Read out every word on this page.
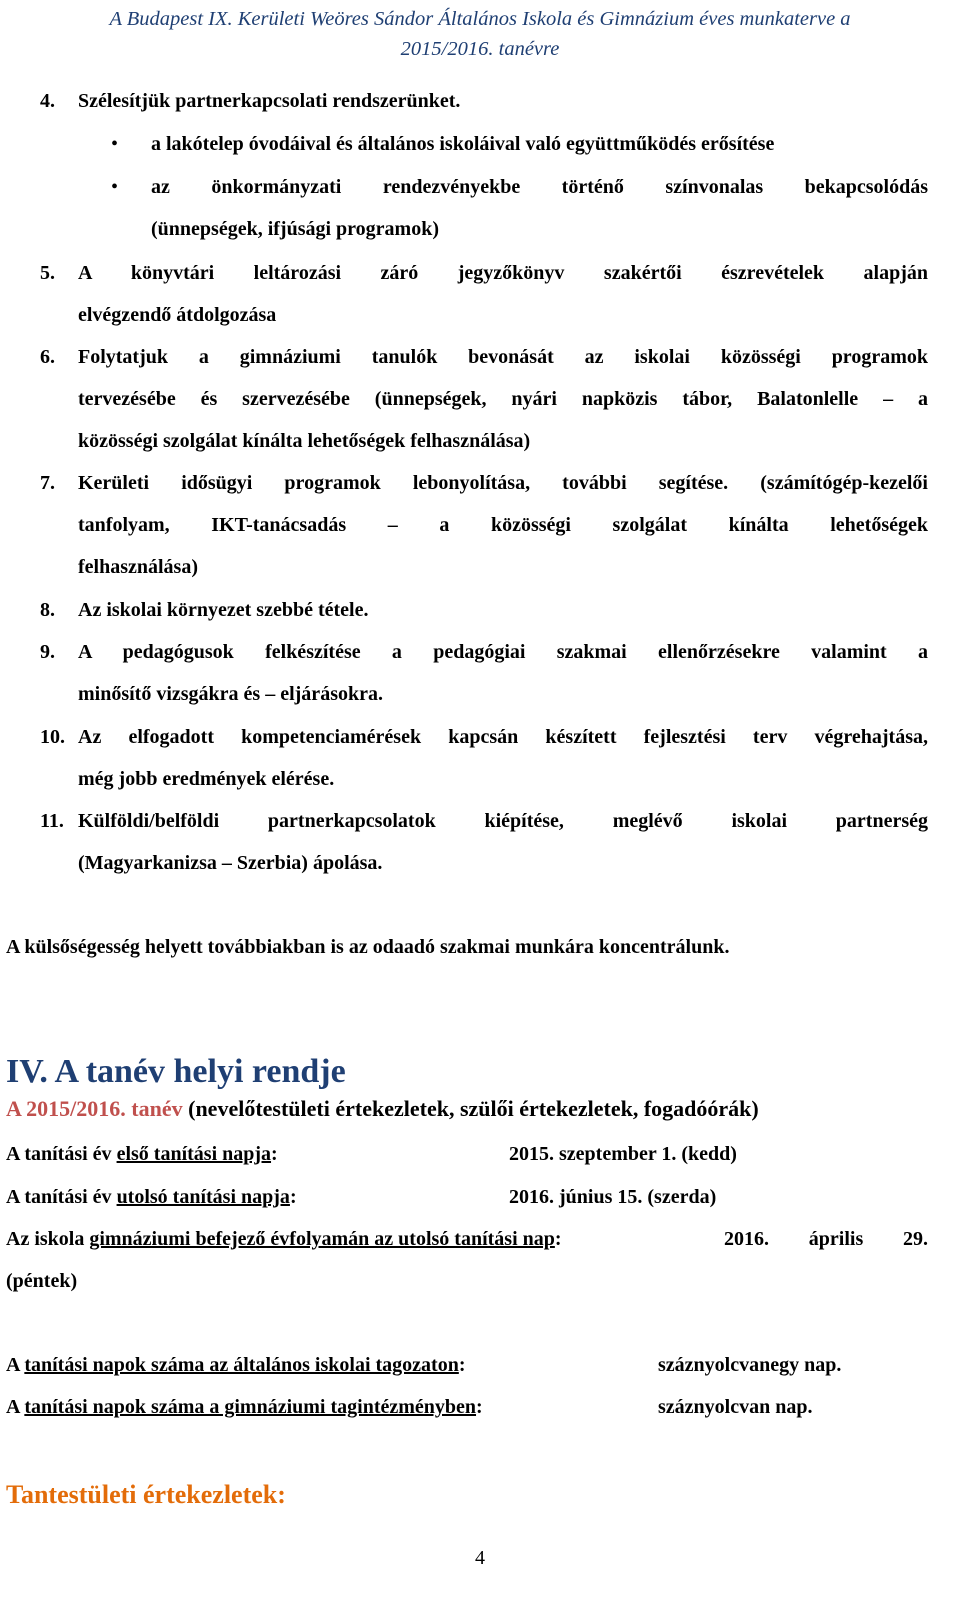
A Budapest IX. Kerületi Weöres Sándor Általános Iskola és Gimnázium éves munkaterve a
2015/2016. tanévre
4. Szélesítjük partnerkapcsolati rendszerünket.
• a lakótelep óvodáival és általános iskoláival való együttműködés erősítése
• az önkormányzati rendezvényekbe történő színvonalas bekapcsolódás
(ünnepségek, ifjúsági programok)
5. A könyvtári leltározási záró jegyzőkönyv szakértői észrevételek alapján
elvégzendő átdolgozása
6. Folytatjuk a gimnáziumi tanulók bevonását az iskolai közösségi programok
tervezésébe és szervezésébe (ünnepségek, nyári napközis tábor, Balatonlelle – a
közösségi szolgálat kínálta lehetőségek felhasználása)
7. Kerületi idősügyi programok lebonyolítása, további segítése. (számítógép-kezelői
tanfolyam, IKT-tanácsadás – a közösségi szolgálat kínálta lehetőségek
felhasználása)
8. Az iskolai környezet szebbé tétele.
9. A pedagógusok felkészítése a pedagógiai szakmai ellenőrzésekre valamint a
minősítő vizsgákra és – eljárásokra.
10. Az elfogadott kompetenciamérések kapcsán készített fejlesztési terv végrehajtása,
még jobb eredmények elérése.
11. Külföldi/belföldi partnerkapcsolatok kiépítése, meglévő iskolai partnerség
(Magyarkanizsa – Szerbia) ápolása.
A külsőségesség helyett továbbiakban is az odaadó szakmai munkára koncentrálunk.
IV. A tanév helyi rendje
A 2015/2016. tanév (nevelőtestületi értekezletek, szülői értekezletek, fogadóórák)
A tanítási év első tanítási napja:	2015. szeptember 1. (kedd)
A tanítási év utolsó tanítási napja:	2016. június 15. (szerda)
Az iskola gimnáziumi befejező évfolyamán az utolsó tanítási nap:	2016. április 29.
(péntek)
A tanítási napok száma az általános iskolai tagozaton:	száznyolcvanegy nap.
A tanítási napok száma a gimnáziumi tagintézményben:	száznyolcvan nap.
Tantestületi értekezletek:
4
